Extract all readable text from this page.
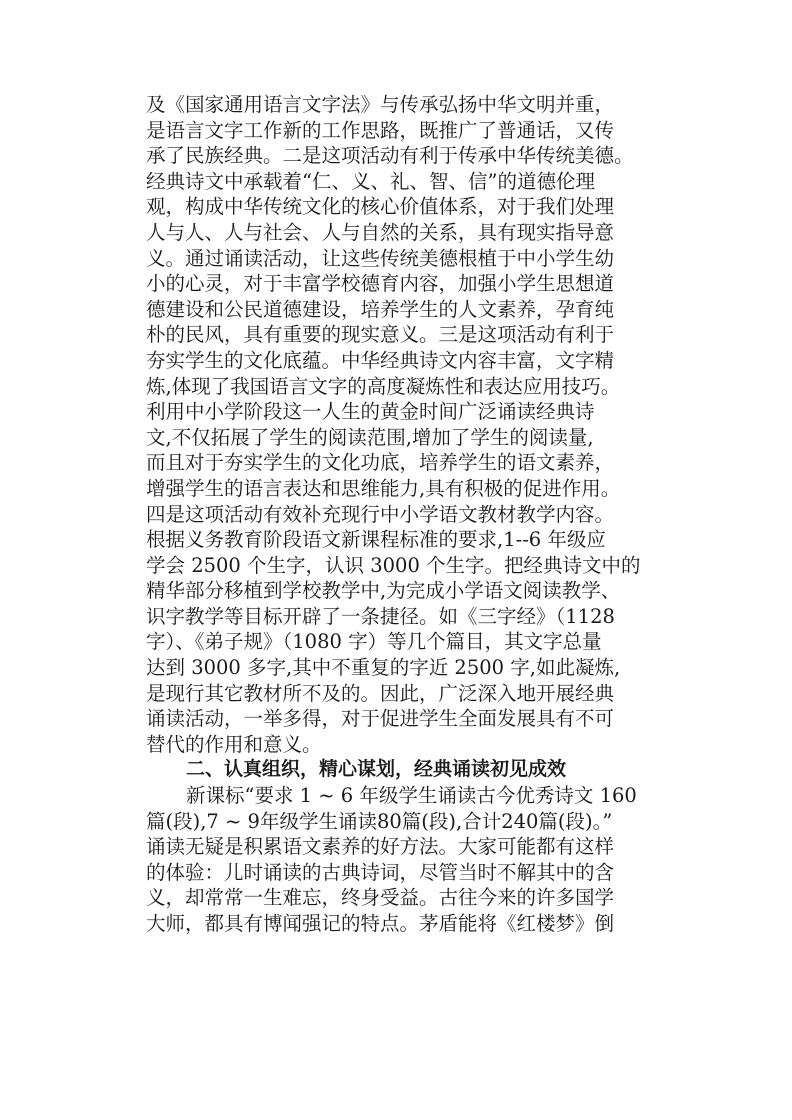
及《国家通用语言文字法》与传承弘扬中华文明并重，
是语言文字工作新的工作思路，既推广了普通话，又传
承了民族经典。二是这项活动有利于传承中华传统美德。
经典诗文中承载着“仁、义、礼、智、信”的道德伦理
观，构成中华传统文化的核心价值体系，对于我们处理
人与人、人与社会、人与自然的关系，具有现实指导意
义。通过诵读活动，让这些传统美德根植于中小学生幼
小的心灵，对于丰富学校德育内容，加强小学生思想道
德建设和公民道德建设，培养学生的人文素养，孕育纯
朴的民风，具有重要的现实意义。三是这项活动有利于
夯实学生的文化底蕴。中华经典诗文内容丰富，文字精
炼,体现了我国语言文字的高度凝炼性和表达应用技巧。
利用中小学阶段这一人生的黄金时间广泛诵读经典诗
文,不仅拓展了学生的阅读范围,增加了学生的阅读量,
而且对于夯实学生的文化功底，培养学生的语文素养，
增强学生的语言表达和思维能力,具有积极的促进作用。
四是这项活动有效补充现行中小学语文教材教学内容。
根据义务教育阶段语文新课程标准的要求,1--6 年级应
学会 2500 个生字，认识 3000 个生字。把经典诗文中的
精华部分移植到学校教学中,为完成小学语文阅读教学、
识字教学等目标开辟了一条捷径。如《三字经》（1128
字）、《弟子规》（1080 字）等几个篇目，其文字总量
达到 3000 多字,其中不重复的字近 2500 字,如此凝炼,
是现行其它教材所不及的。因此，广泛深入地开展经典
诵读活动，一举多得，对于促进学生全面发展具有不可
替代的作用和意义。
二、认真组织，精心谋划，经典诵读初见成效
新课标“要求 1 ~ 6 年级学生诵读古今优秀诗文 160
篇(段),7 ~ 9年级学生诵读80篇(段),合计240篇(段)。”
诵读无疑是积累语文素养的好方法。大家可能都有这样
的体验：儿时诵读的古典诗词，尽管当时不解其中的含
义，却常常一生难忘，终身受益。古往今来的许多国学
大师，都具有博闻强记的特点。茅盾能将《红楼梦》倒
